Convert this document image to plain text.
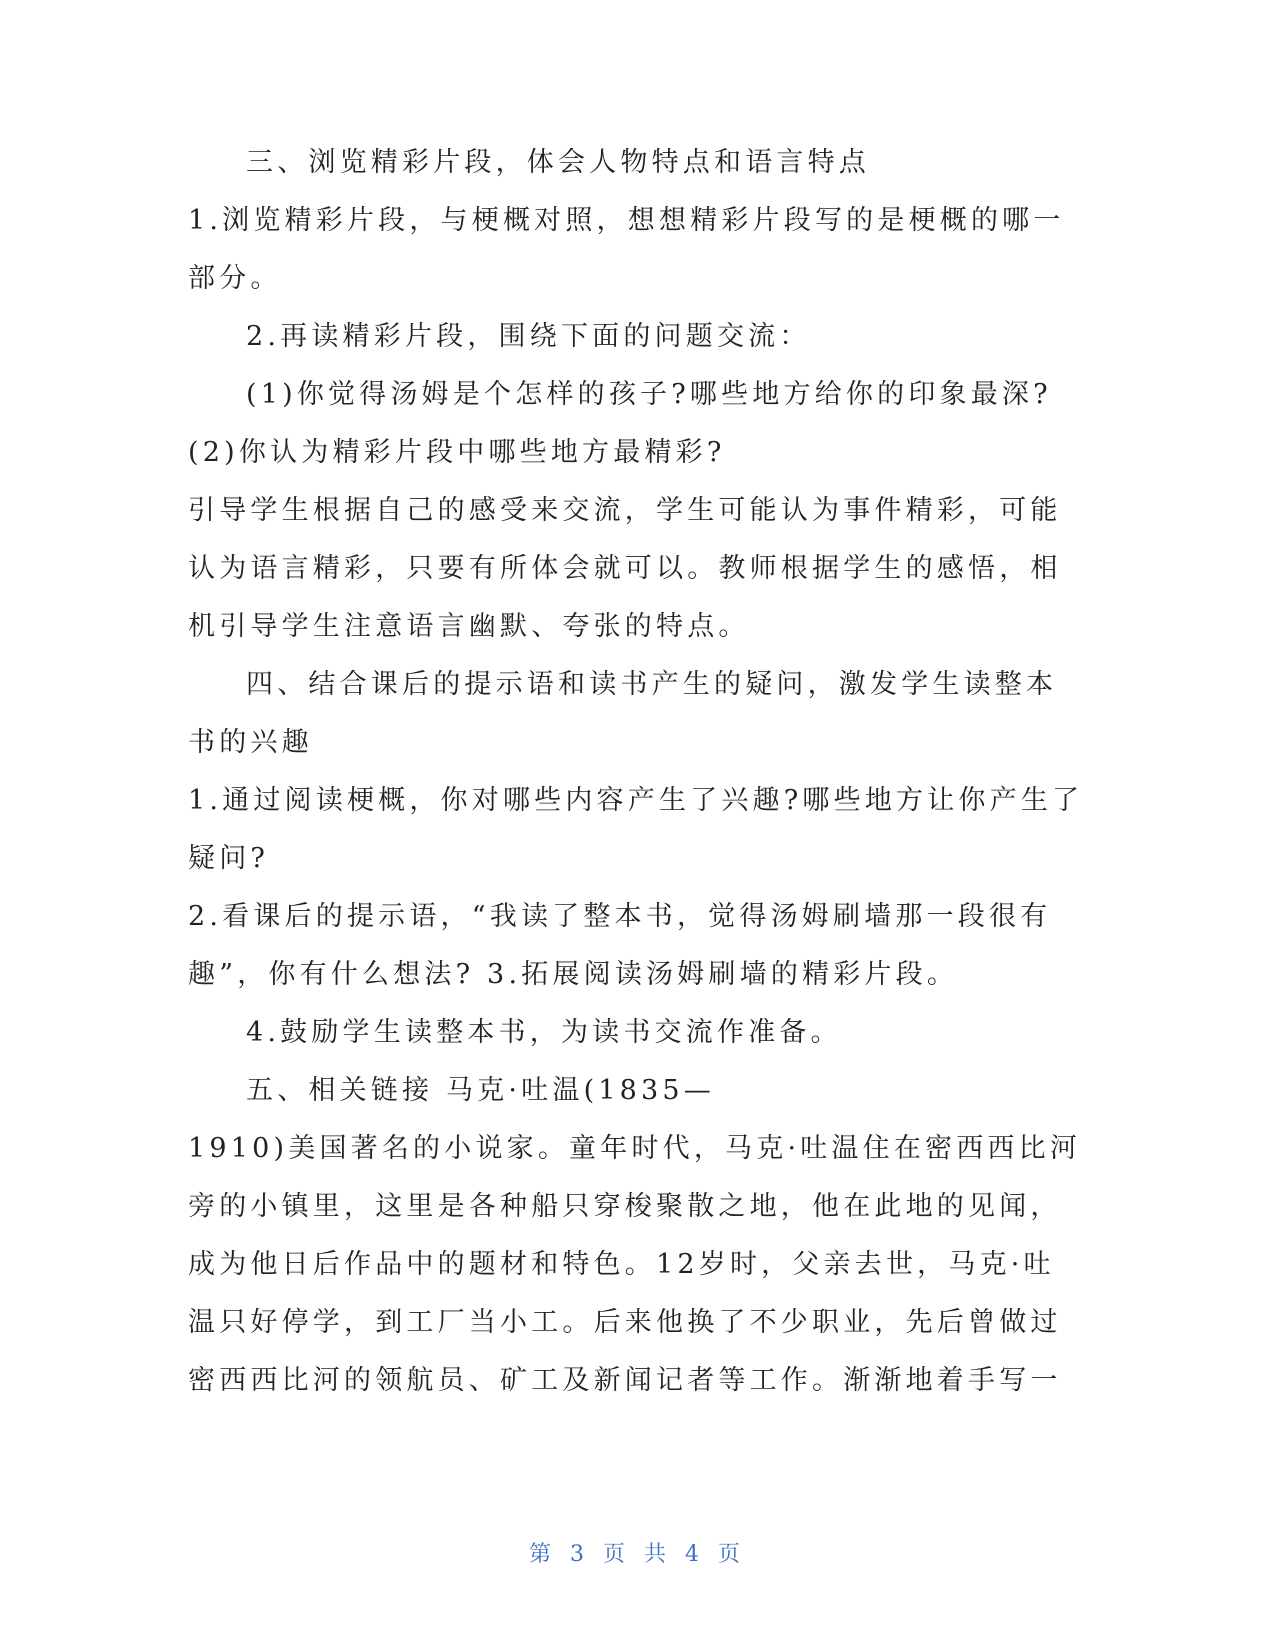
三、浏览精彩片段，体会人物特点和语言特点
1.浏览精彩片段，与梗概对照，想想精彩片段写的是梗概的哪一
部分。
2.再读精彩片段，围绕下面的问题交流：
(1)你觉得汤姆是个怎样的孩子?哪些地方给你的印象最深?
(2)你认为精彩片段中哪些地方最精彩?
引导学生根据自己的感受来交流，学生可能认为事件精彩，可能
认为语言精彩，只要有所体会就可以。教师根据学生的感悟，相
机引导学生注意语言幽默、夸张的特点。
四、结合课后的提示语和读书产生的疑问，激发学生读整本
书的兴趣
1.通过阅读梗概，你对哪些内容产生了兴趣?哪些地方让你产生了
疑问?
2.看课后的提示语，“我读了整本书，觉得汤姆刷墙那一段很有
趣”，你有什么想法? 3.拓展阅读汤姆刷墙的精彩片段。
4.鼓励学生读整本书，为读书交流作准备。
五、相关链接 马克·吐温(1835—
1910)美国著名的小说家。童年时代，马克·吐温住在密西西比河
旁的小镇里，这里是各种船只穿梭聚散之地，他在此地的见闻，
成为他日后作品中的题材和特色。12岁时，父亲去世，马克·吐
温只好停学，到工厂当小工。后来他换了不少职业，先后曾做过
密西西比河的领航员、矿工及新闻记者等工作。渐渐地着手写一
第 3 页 共 4 页
